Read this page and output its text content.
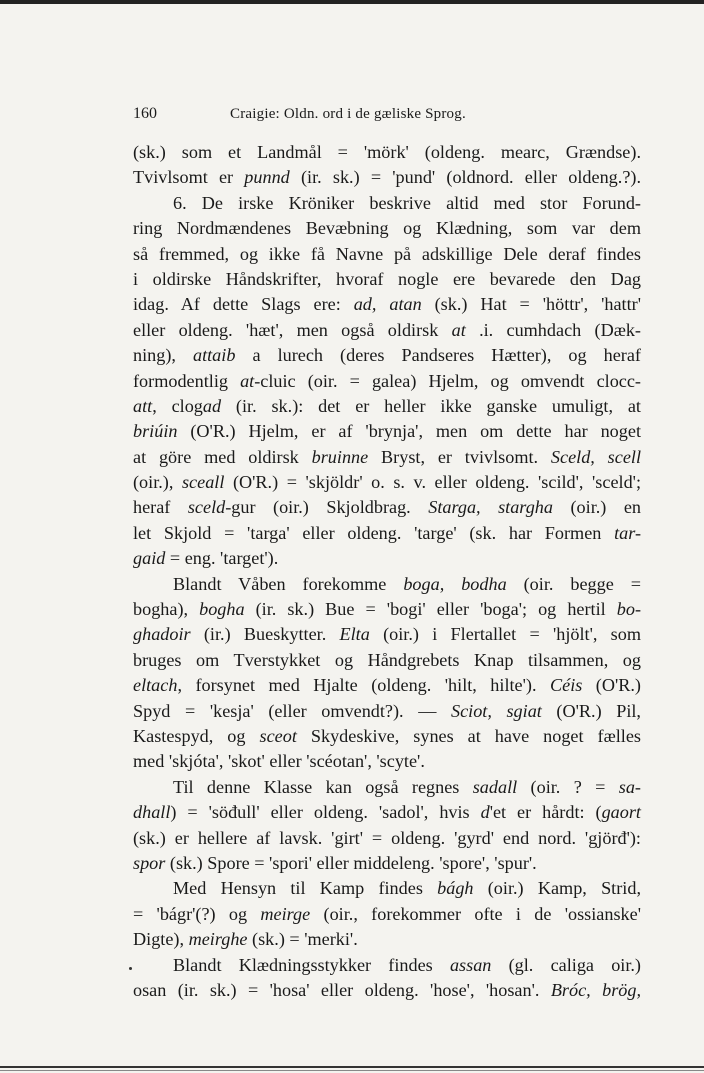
160	Craigie: Oldn. ord i de gæliske Sprog.
(sk.) som et Landmål = 'mörk' (oldeng. mearc, Grændse).
Tvivlsomt er punnd (ir. sk.) = 'pund' (oldnord. eller oldeng.?).
6. De irske Kröniker beskrive altid med stor Forund-
ring Nordmændenes Bevæbning og Klædning, som var dem
så fremmed, og ikke få Navne på adskillige Dele deraf findes
i oldirske Håndskrifter, hvoraf nogle ere bevarede den Dag
idag. Af dette Slags ere: ad, atan (sk.) Hat = 'höttr', 'hattr'
eller oldeng. 'hæt', men også oldirsk at .i. cumhdach (Dæk-
ning), attaib a lurech (deres Pandseres Hætter), og heraf
formodentlig at-cluic (oir. = galea) Hjelm, og omvendt clocc-
att, clogad (ir. sk.): det er heller ikke ganske umuligt, at
briúin (O'R.) Hjelm, er af 'brynja', men om dette har noget
at göre med oldirsk bruinne Bryst, er tvivlsomt. Sceld, scell
(oir.), sceall (O'R.) = 'skjöldr' o. s. v. eller oldeng. 'scild', 'sceld';
heraf sceld-gur (oir.) Skjoldbrag. Starga, stargha (oir.) en
let Skjold = 'targa' eller oldeng. 'targe' (sk. har Formen tar-
gaid = eng. 'target').
Blandt Våben forekomme boga, bodha (oir. begge =
bogha), bogha (ir. sk.) Bue = 'bogi' eller 'boga'; og hertil bo-
ghadoir (ir.) Bueskytter. Elta (oir.) i Flertallet = 'hjölt', som
bruges om Tverstykket og Håndgrebets Knap tilsammen, og
eltach, forsynet med Hjalte (oldeng. 'hilt, hilte'). Céis (O'R.)
Spyd = 'kesja' (eller omvendt?). — Sciot, sgiat (O'R.) Pil,
Kastespyd, og sceot Skydeskive, synes at have noget fælles
med 'skjóta', 'skot' eller 'scéotan', 'scyte'.
Til denne Klasse kan også regnes sadall (oir. ? = sa-
dhall) = 'söđull' eller oldeng. 'sadol', hvis d'et er hårdt: (gaort
(sk.) er hellere af lavsk. 'girt' = oldeng. 'gyrd' end nord. 'gjörđ'):
spor (sk.) Spore = 'spori' eller middeleng. 'spore', 'spur'.
Med Hensyn til Kamp findes bágh (oir.) Kamp, Strid,
= 'bágr'(?) og meirge (oir., forekommer ofte i de 'ossianske'
Digte), meirghe (sk.) = 'merki'.
Blandt Klædningsstykker findes assan (gl. caliga oir.)
osan (ir. sk.) = 'hosa' eller oldeng. 'hose', 'hosan'. Bróc, brög,
